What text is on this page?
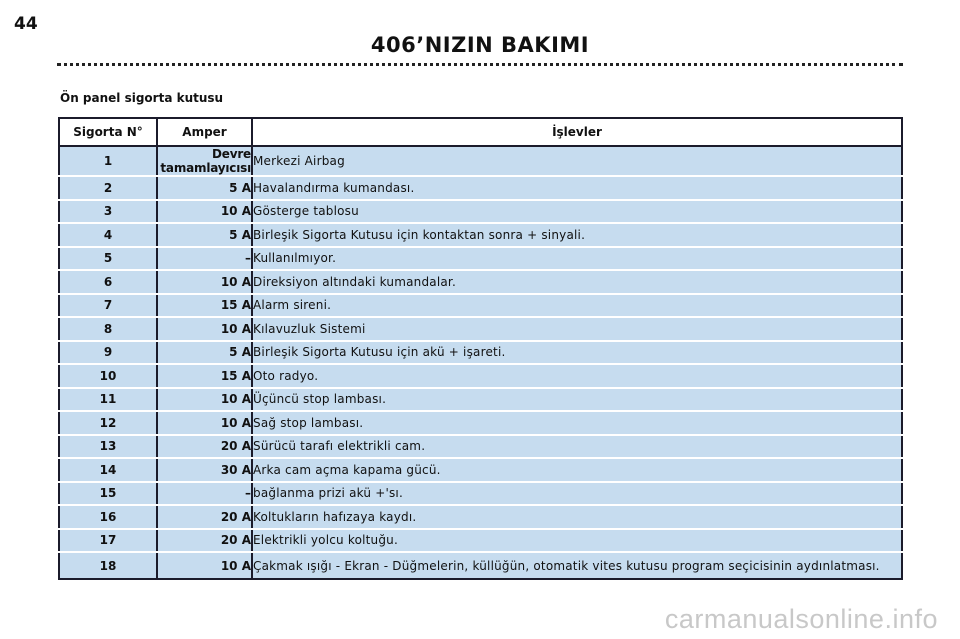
44
406’NIZIN BAKIMI
Ön panel sigorta kutusu
Sigorta N°	Amper	İşlevler
1	Devre tamamlayıcısı	Merkezi Airbag
2	5 A	Havalandırma kumandası.
3	10 A	Gösterge tablosu
4	5 A	Birleşik Sigorta Kutusu için kontaktan sonra + sinyali.
5	–	Kullanılmıyor.
6	10 A	Direksiyon altındaki kumandalar.
7	15 A	Alarm sireni.
8	10 A	Kılavuzluk Sistemi
9	5 A	Birleşik Sigorta Kutusu için akü + işareti.
10	15 A	Oto radyo.
11	10 A	Üçüncü stop lambası.
12	10 A	Sağ stop lambası.
13	20 A	Sürücü tarafı elektrikli cam.
14	30 A	Arka cam açma kapama gücü.
15	–	bağlanma prizi akü +'sı.
16	20 A	Koltukların hafızaya kaydı.
17	20 A	Elektrikli yolcu koltuğu.
18	10 A	Çakmak ışığı - Ekran - Düğmelerin, küllüğün, otomatik vites kutusu program seçicisinin aydınlatması.
carmanualsonline.info
